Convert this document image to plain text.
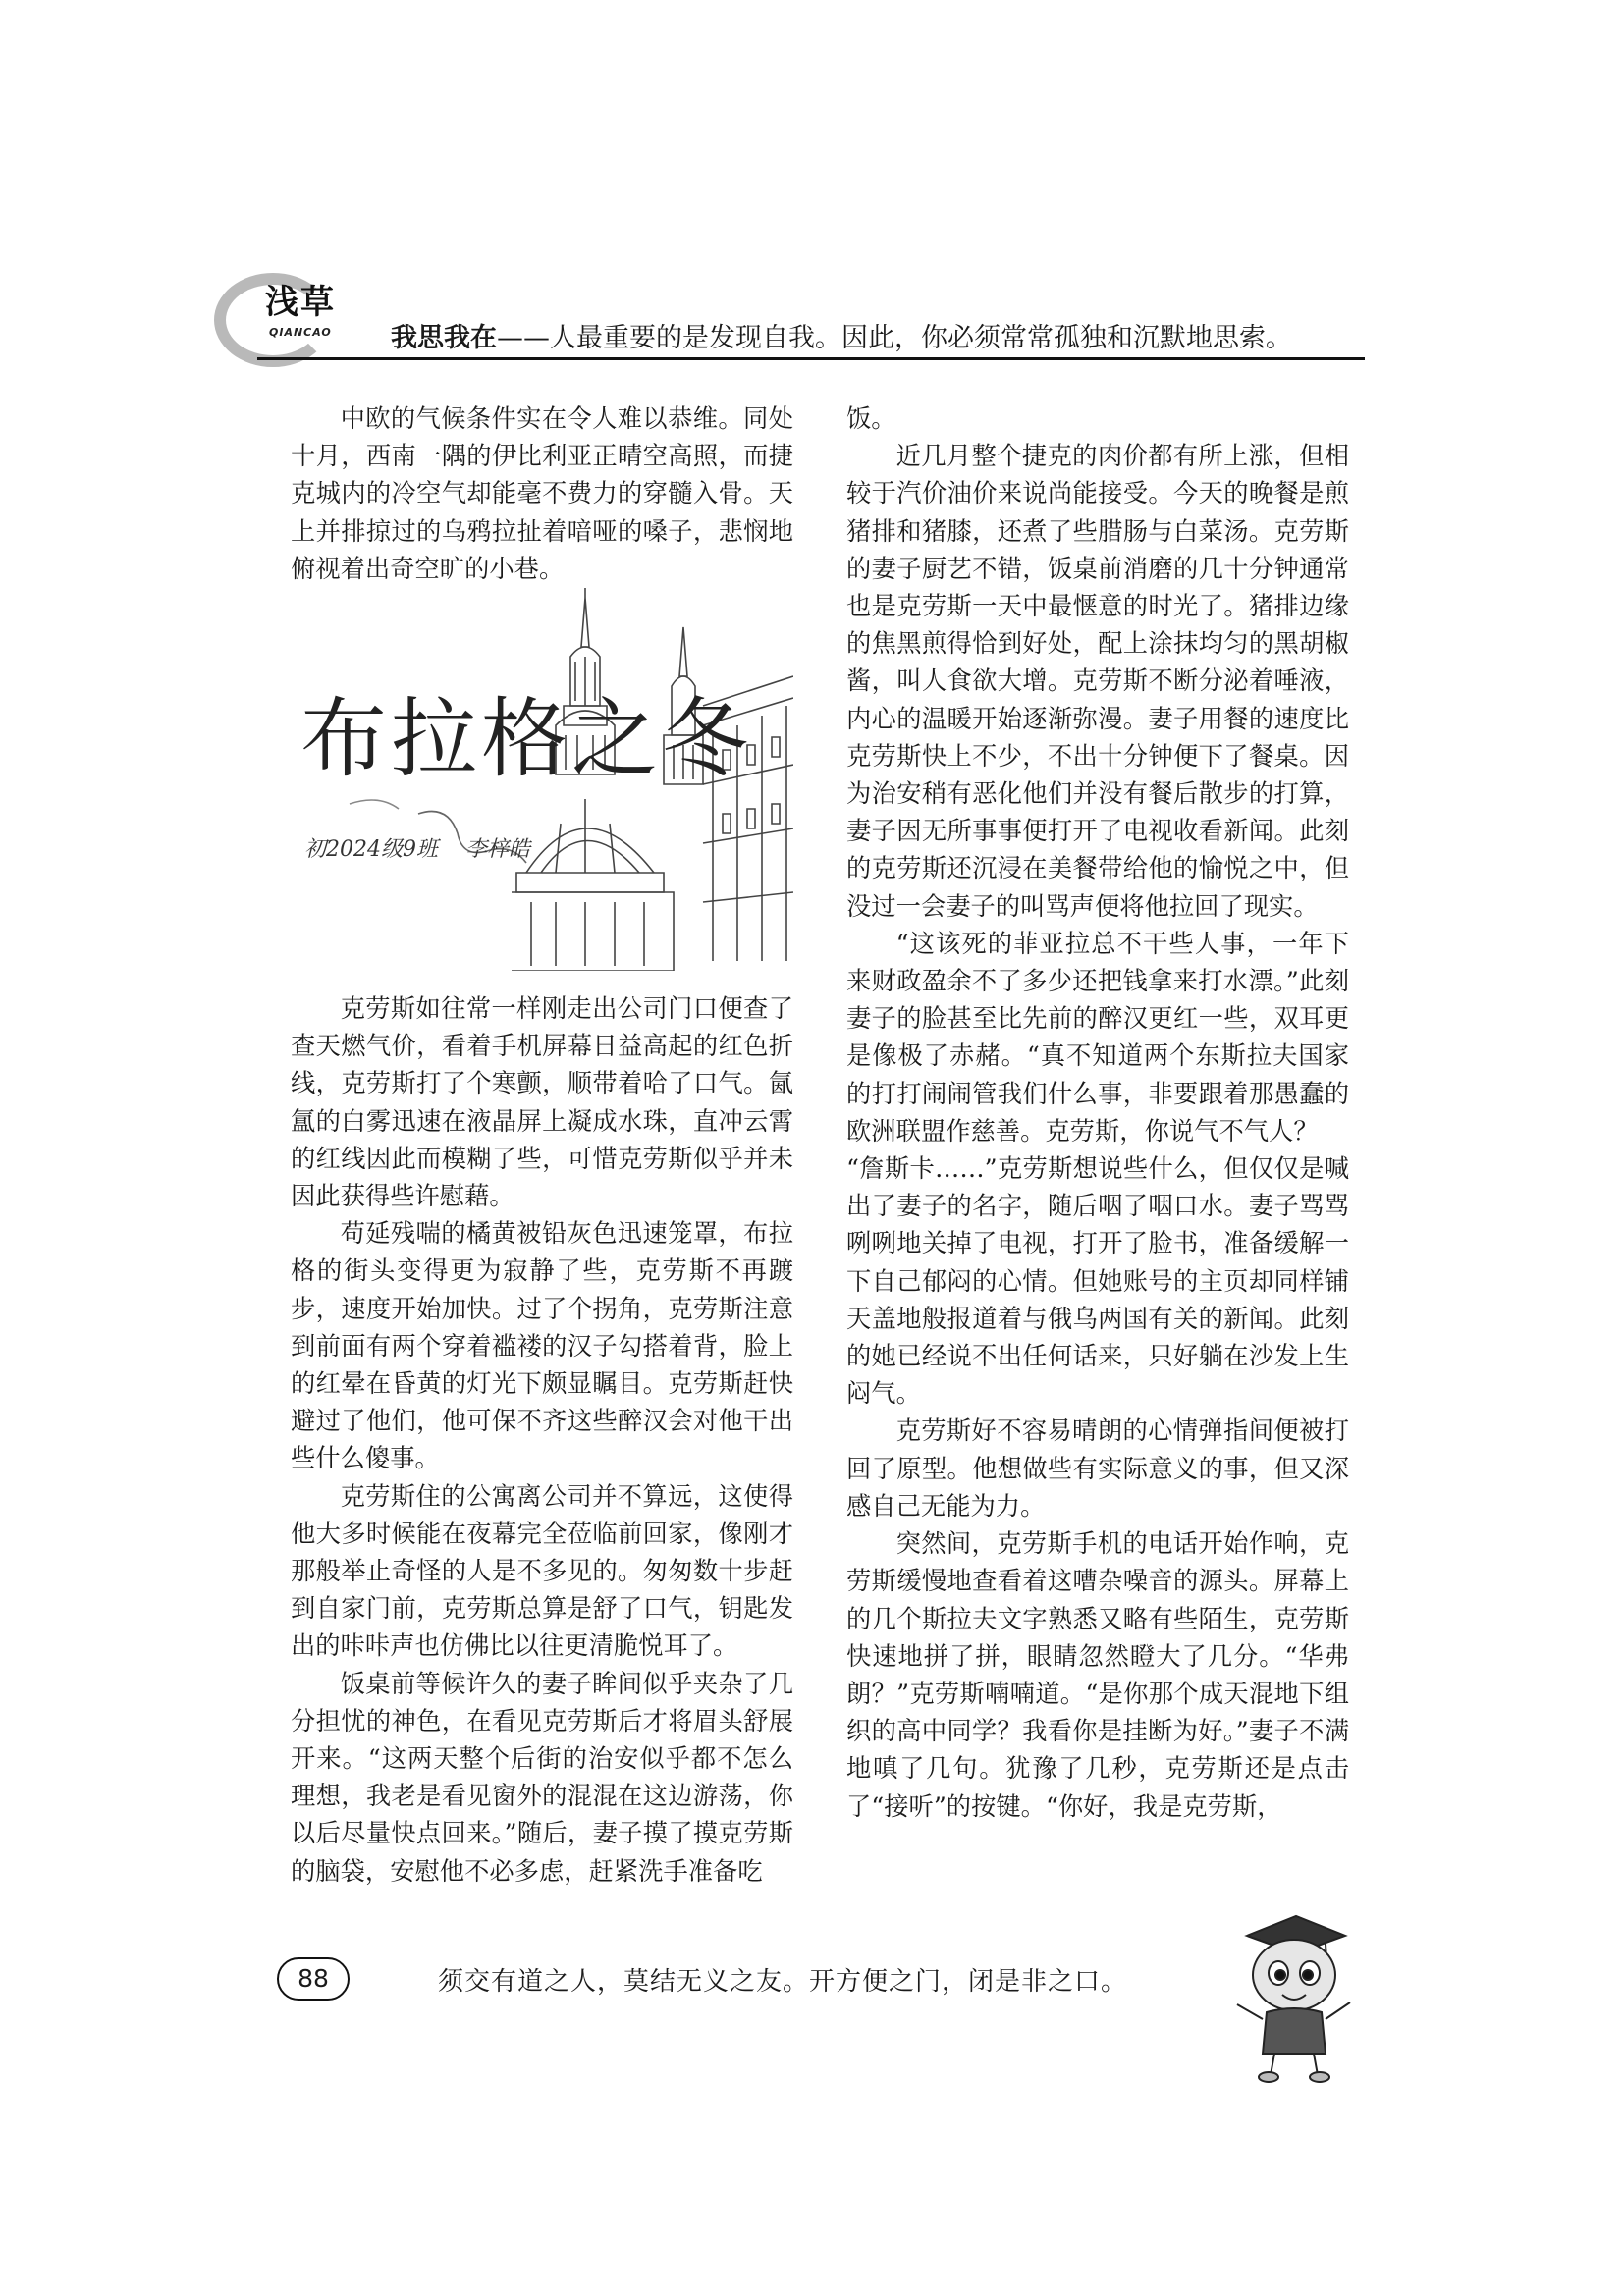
浅草
QIANCAO 我思我在——人最重要的是发现自我。因此，你必须常常孤独和沉默地思索。

中欧的气候条件实在令人难以恭维。同处十月，西南一隅的伊比利亚正晴空高照，而捷克城内的冷空气却能毫不费力的穿髓入骨。天上并排掠过的乌鸦拉扯着喑哑的嗓子，悲悯地俯视着出奇空旷的小巷。

布拉格之冬
初2024级9班 李梓皓

克劳斯如往常一样刚走出公司门口便查了查天燃气价，看着手机屏幕日益高起的红色折线，克劳斯打了个寒颤，顺带着哈了口气。氤氲的白雾迅速在液晶屏上凝成水珠，直冲云霄的红线因此而模糊了些，可惜克劳斯似乎并未因此获得些许慰藉。

苟延残喘的橘黄被铅灰色迅速笼罩，布拉格的街头变得更为寂静了些，克劳斯不再踱步，速度开始加快。过了个拐角，克劳斯注意到前面有两个穿着褴褛的汉子勾搭着背，脸上的红晕在昏黄的灯光下颇显瞩目。克劳斯赶快避过了他们，他可保不齐这些醉汉会对他干出些什么傻事。

克劳斯住的公寓离公司并不算远，这使得他大多时候能在夜幕完全莅临前回家，像刚才那般举止奇怪的人是不多见的。匆匆数十步赶到自家门前，克劳斯总算是舒了口气，钥匙发出的咔咔声也仿佛比以往更清脆悦耳了。

饭桌前等候许久的妻子眸间似乎夹杂了几分担忧的神色，在看见克劳斯后才将眉头舒展开来。“这两天整个后街的治安似乎都不怎么理想，我老是看见窗外的混混在这边游荡，你以后尽量快点回来。”随后，妻子摸了摸克劳斯的脑袋，安慰他不必多虑，赶紧洗手准备吃

饭。

近几月整个捷克的肉价都有所上涨，但相较于汽价油价来说尚能接受。今天的晚餐是煎猪排和猪膝，还煮了些腊肠与白菜汤。克劳斯的妻子厨艺不错，饭桌前消磨的几十分钟通常也是克劳斯一天中最惬意的时光了。猪排边缘的焦黑煎得恰到好处，配上涂抹均匀的黑胡椒酱，叫人食欲大增。克劳斯不断分泌着唾液，内心的温暖开始逐渐弥漫。妻子用餐的速度比克劳斯快上不少，不出十分钟便下了餐桌。因为治安稍有恶化他们并没有餐后散步的打算，妻子因无所事事便打开了电视收看新闻。此刻的克劳斯还沉浸在美餐带给他的愉悦之中，但没过一会妻子的叫骂声便将他拉回了现实。

“这该死的菲亚拉总不干些人事，一年下来财政盈余不了多少还把钱拿来打水漂。”此刻妻子的脸甚至比先前的醉汉更红一些，双耳更是像极了赤赭。“真不知道两个东斯拉夫国家的打打闹闹管我们什么事，非要跟着那愚蠢的欧洲联盟作慈善。克劳斯，你说气不气人？

“詹斯卡……”克劳斯想说些什么，但仅仅是喊出了妻子的名字，随后咽了咽口水。妻子骂骂咧咧地关掉了电视，打开了脸书，准备缓解一下自己郁闷的心情。但她账号的主页却同样铺天盖地般报道着与俄乌两国有关的新闻。此刻的她已经说不出任何话来，只好躺在沙发上生闷气。

克劳斯好不容易晴朗的心情弹指间便被打回了原型。他想做些有实际意义的事，但又深感自己无能为力。

突然间，克劳斯手机的电话开始作响，克劳斯缓慢地查看着这嘈杂噪音的源头。屏幕上的几个斯拉夫文字熟悉又略有些陌生，克劳斯快速地拼了拼，眼睛忽然瞪大了几分。“华弗朗？”克劳斯喃喃道。“是你那个成天混地下组织的高中同学？我看你是挂断为好。”妻子不满地嗔了几句。犹豫了几秒，克劳斯还是点击了“接听”的按键。“你好，我是克劳斯，

88	须交有道之人，莫结无义之友。开方便之门，闭是非之口。
